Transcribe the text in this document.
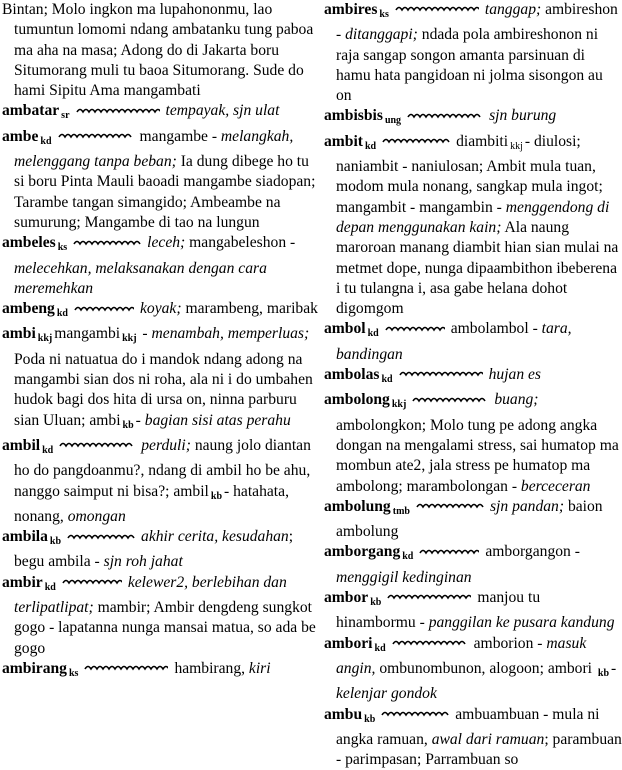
Bintan; Molo ingkon ma lupahononmu, lao tumuntun lomomi ndang ambatanku tung paboa ma aha na masa; Adong do di Jakarta boru Situmorang muli tu baoa Situmorang. Sude do hami Sipitu Ama mangambati

ambatar $_{sr}$	tempayak, sjn ulat

ambe $_{kd}$	mangambe - melangkah, melenggang tanpa beban; Ia dung dibege ho tu si boru Pinta Mauli baoadi mangambe siadopan; Tarambe tangan simangido; Ambeambe na sumurung; Mangambe di tao na lungun

ambeles $_{ks}$	leceh; mangabeleshon - melecehkan, melaksanakan dengan cara meremehkan

ambeng $_{kd}$	koyak; marambeng, maribak

ambi $_{kkj}$ mangambi $_{kkj}$ - menambah, memperluas; Poda ni natuatua do i mandok ndang adong na mangambi sian dos ni roha, ala ni i do umbahen hudok bagi dos hita di ursa on, ninna parburu sian Uluan; ambi $_{kb}$ - bagian sisi atas perahu

ambil $_{kd}$	perduli; naung jolo diantan ho do pangdoanmu?, ndang di ambil ho be ahu, nanggo saimput ni bisa?; ambil $_{kb}$ - hatahata, nonang, omongan

ambila $_{kb}$	akhir cerita, kesudahan; begu ambila - sjn roh jahat

ambir $_{kd}$	kelewer2, berlebihan dan terlipatlipat; mambir; Ambir dengdeng sungkot gogo - lapatanna nunga mansai matua, so ada be gogo

ambirang $_{ks}$	hambirang, kiri

ambires $_{ks}$	tanggap; ambireshon - ditanggapi; ndada pola ambireshonon ni raja sangap songon amanta parsinuan di hamu hata pangidoan ni jolma sisongon au on

ambisbis $_{ung}$	sjn burung

ambit $_{kd}$	diambiti kkj - diulosi; naniambit - naniulosan; Ambit mula tuan, modom mula nonang, sangkap mula ingot; mangambit - mangambin - menggendong di depan menggunakan kain; Ala naung maroroan manang diambit hian sian mulai na metmet dope, nunga dipaambithon ibeberena i tu tulangna i, asa gabe helana dohot digomgom

ambol $_{kd}$	ambolambol - tara, bandingan

ambolas $_{kd}$	hujan es

ambolong $_{kkj}$	buang; ambolongkon; Molo tung pe adong angka dongan na mengalami stress, sai humatop ma mombun ate2, jala stress pe humatop ma ambolong; marambolongan - berceceran

ambolung $_{tmb}$	sjn pandan; baion ambolung

amborgang $_{kd}$	amborgangon - menggigil kedinginan

ambor $_{kb}$	manjou tu hinambormu - panggilan ke pusara kandung

ambori $_{kd}$	amborion - masuk angin, ombunombunon, alogoon; ambori $_{kb}$ - kelenjar gondok

ambu $_{kb}$	ambuambuan - mula ni angka ramuan, awal dari ramuan; parambuan - parimpasan; Parrambuan so
